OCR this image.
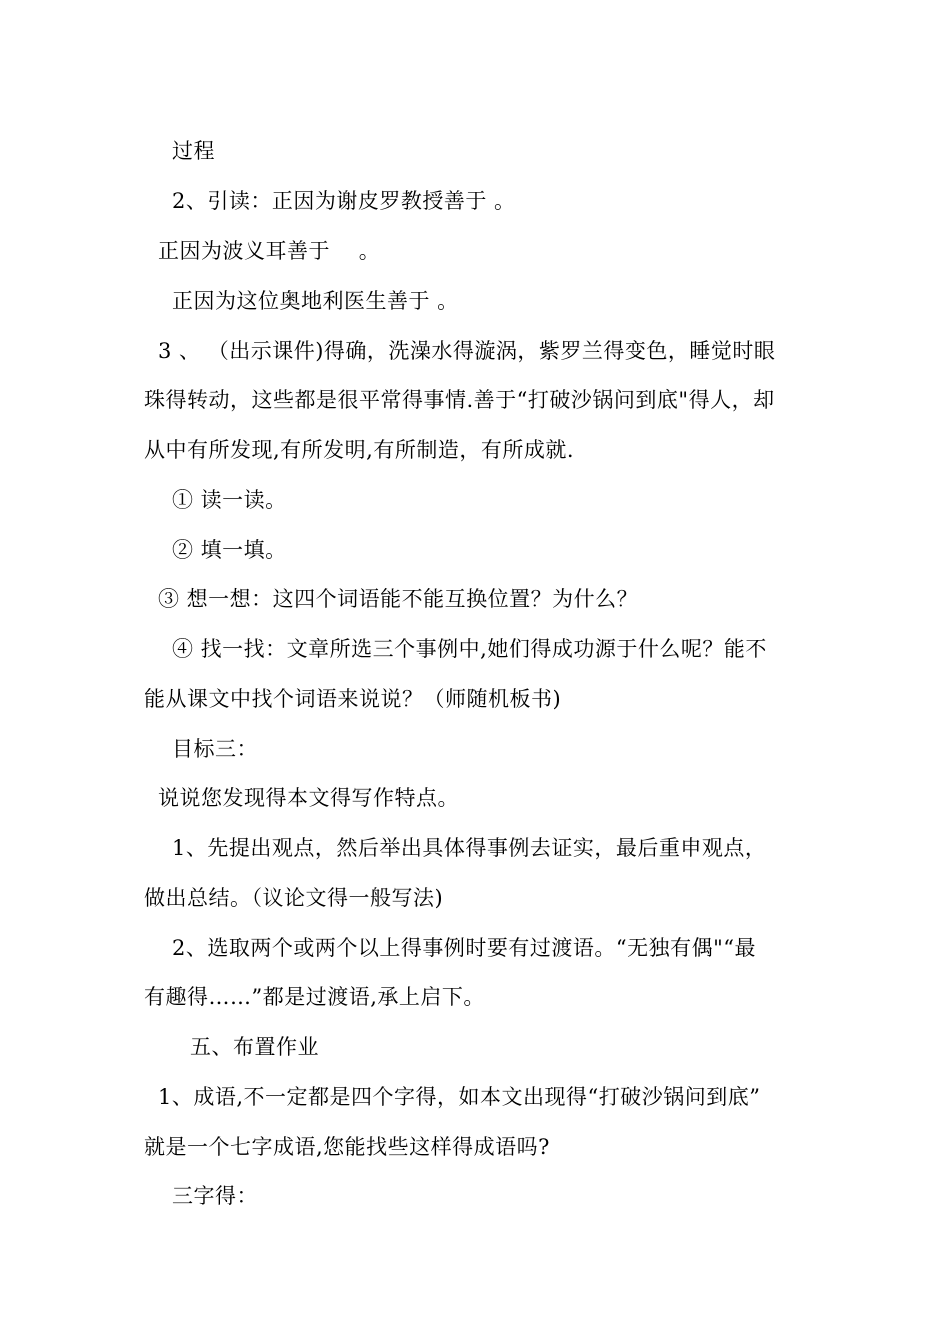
过程
2、引读：正因为谢皮罗教授善于 。
正因为波义耳善于    。
正因为这位奥地利医生善于 。
3 、 （出示课件)得确，洗澡水得漩涡，紫罗兰得变色，睡觉时眼
珠得转动，这些都是很平常得事情.善于“打破沙锅问到底"得人，却
从中有所发现,有所发明,有所制造，有所成就.
① 读一读。
② 填一填。
③ 想一想：这四个词语能不能互换位置？为什么？
④ 找一找：文章所选三个事例中,她们得成功源于什么呢？能不
能从课文中找个词语来说说？（师随机板书)
目标三：
说说您发现得本文得写作特点。
1、先提出观点，然后举出具体得事例去证实，最后重申观点，
做出总结。（议论文得一般写法)
2、选取两个或两个以上得事例时要有过渡语。“无独有偶"“最
有趣得……”都是过渡语,承上启下。
五、布置作业
1、成语,不一定都是四个字得，如本文出现得“打破沙锅问到底”
就是一个七字成语,您能找些这样得成语吗?
三字得：
